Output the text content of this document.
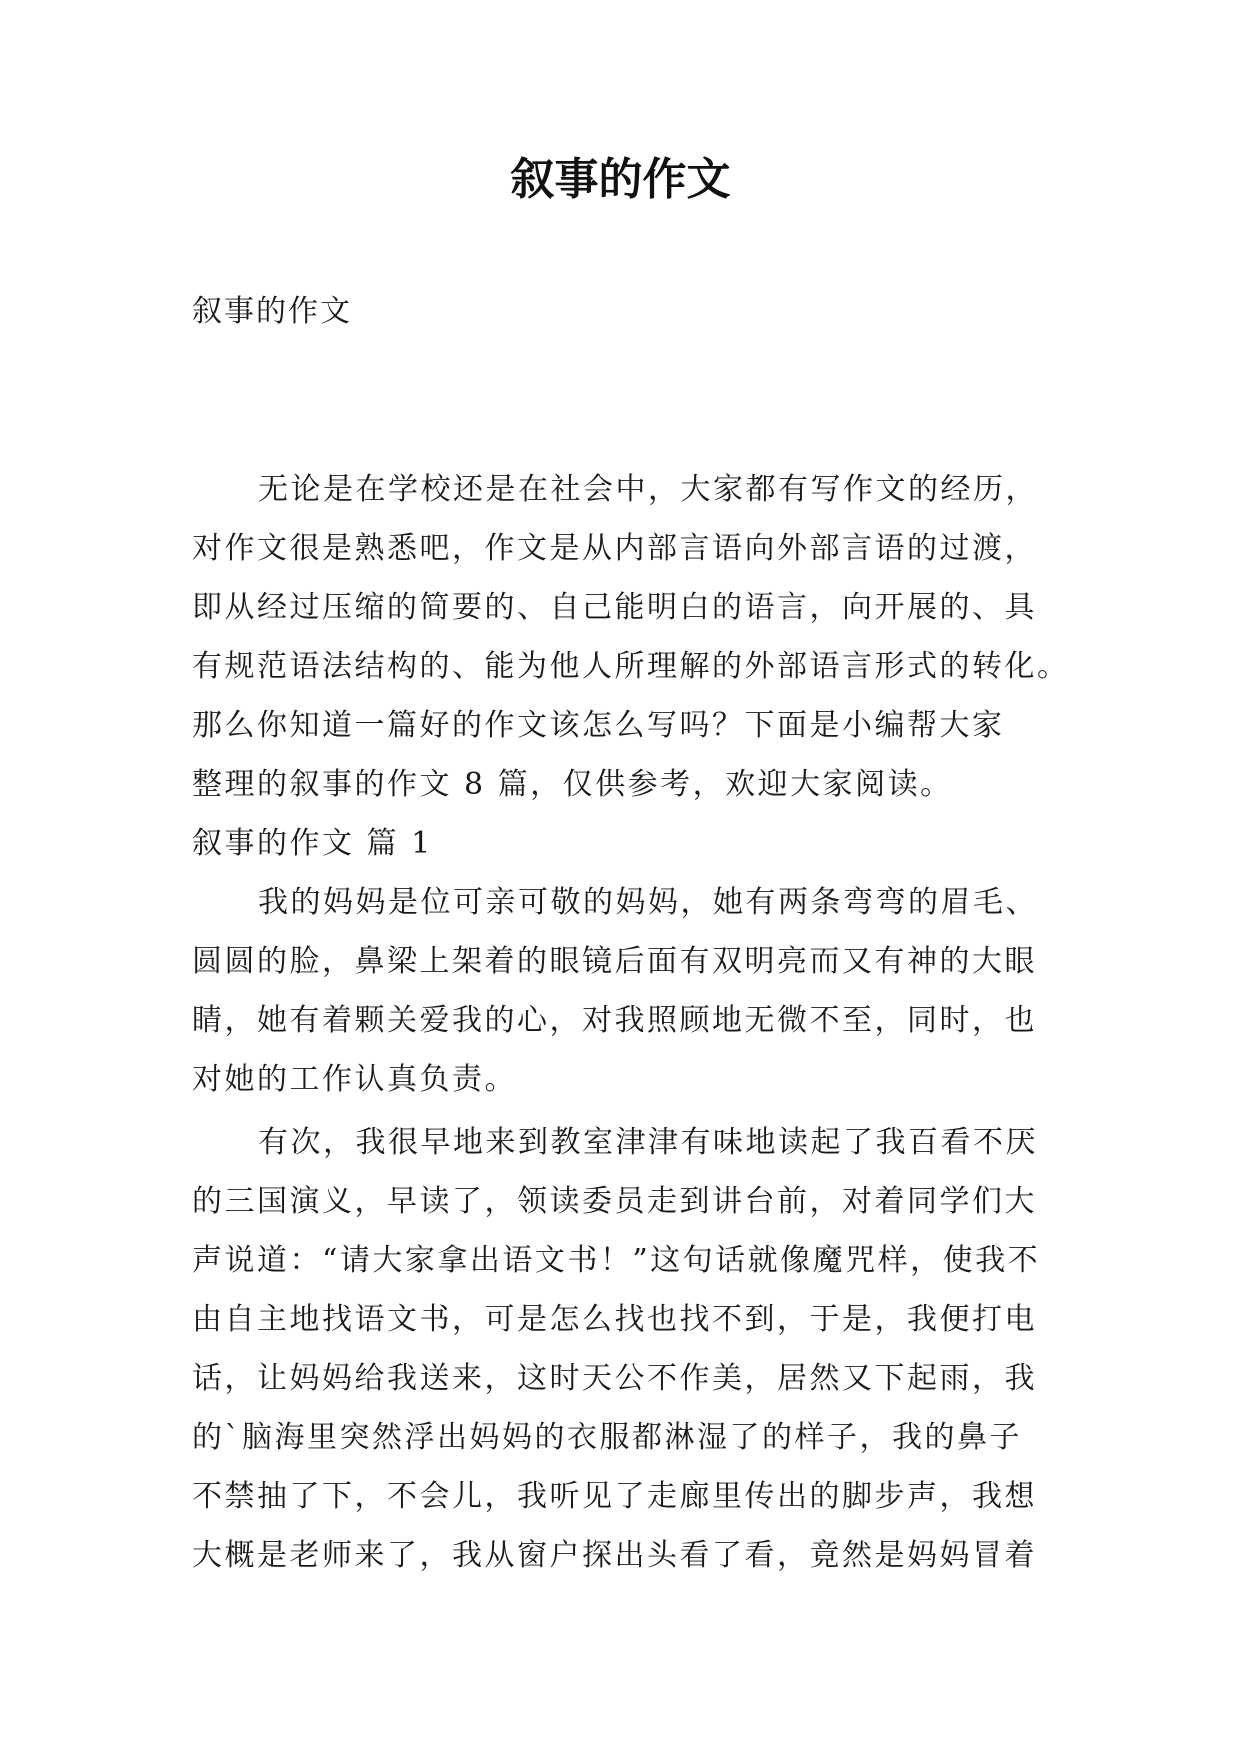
叙事的作文

叙事的作文

无论是在学校还是在社会中，大家都有写作文的经历，

对作文很是熟悉吧，作文是从内部言语向外部言语的过渡，

即从经过压缩的简要的、自己能明白的语言，向开展的、具

有规范语法结构的、能为他人所理解的外部语言形式的转化。

那么你知道一篇好的作文该怎么写吗？下面是小编帮大家

整理的叙事的作文 8 篇，仅供参考，欢迎大家阅读。

叙事的作文 篇 1

我的妈妈是位可亲可敬的妈妈，她有两条弯弯的眉毛、

圆圆的脸，鼻梁上架着的眼镜后面有双明亮而又有神的大眼

睛，她有着颗关爱我的心，对我照顾地无微不至，同时，也

对她的工作认真负责。

有次，我很早地来到教室津津有味地读起了我百看不厌

的三国演义，早读了，领读委员走到讲台前，对着同学们大

声说道：“请大家拿出语文书！”这句话就像魔咒样，使我不

由自主地找语文书，可是怎么找也找不到，于是，我便打电

话，让妈妈给我送来，这时天公不作美，居然又下起雨，我

的`脑海里突然浮出妈妈的衣服都淋湿了的样子，我的鼻子

不禁抽了下，不会儿，我听见了走廊里传出的脚步声，我想

大概是老师来了，我从窗户探出头看了看，竟然是妈妈冒着
